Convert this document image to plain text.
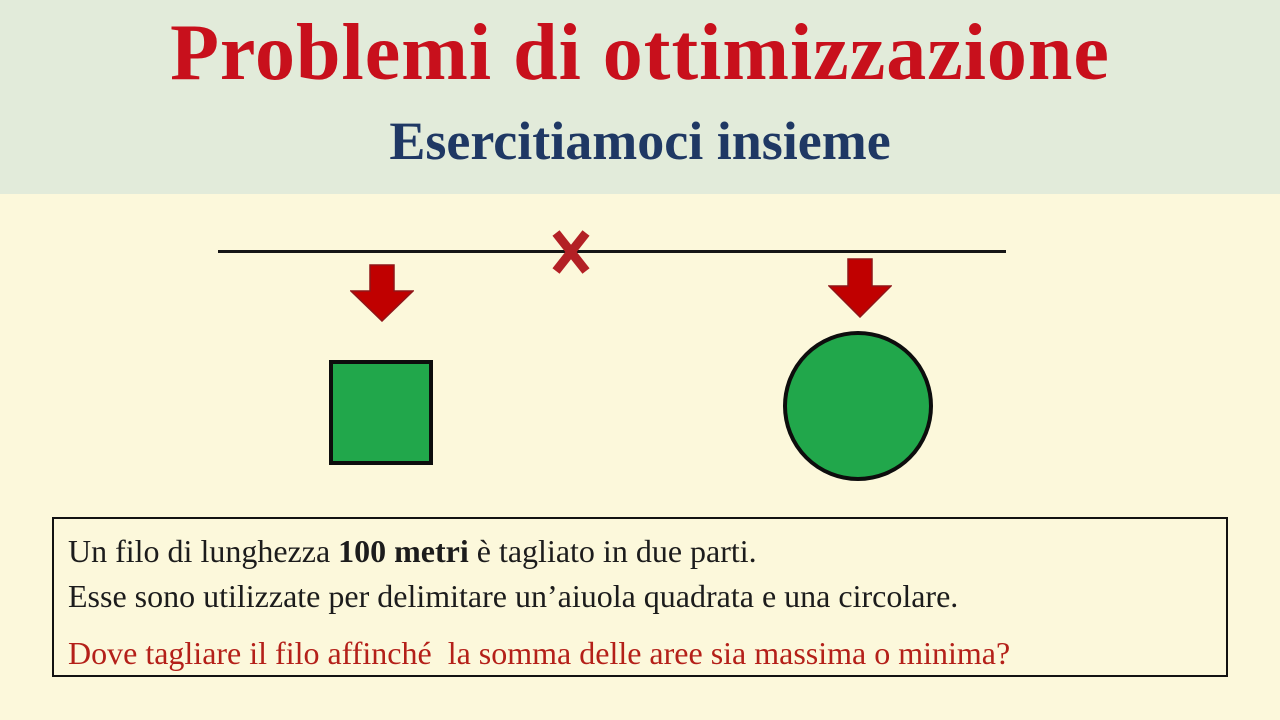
Problemi di ottimizzazione
Esercitiamoci insieme

Un filo di lunghezza 100 metri è tagliato in due parti.

Esse sono utilizzate per delimitare un’aiuola quadrata e una circolare.

Dove tagliare il filo affinché  la somma delle aree sia massima o minima?
